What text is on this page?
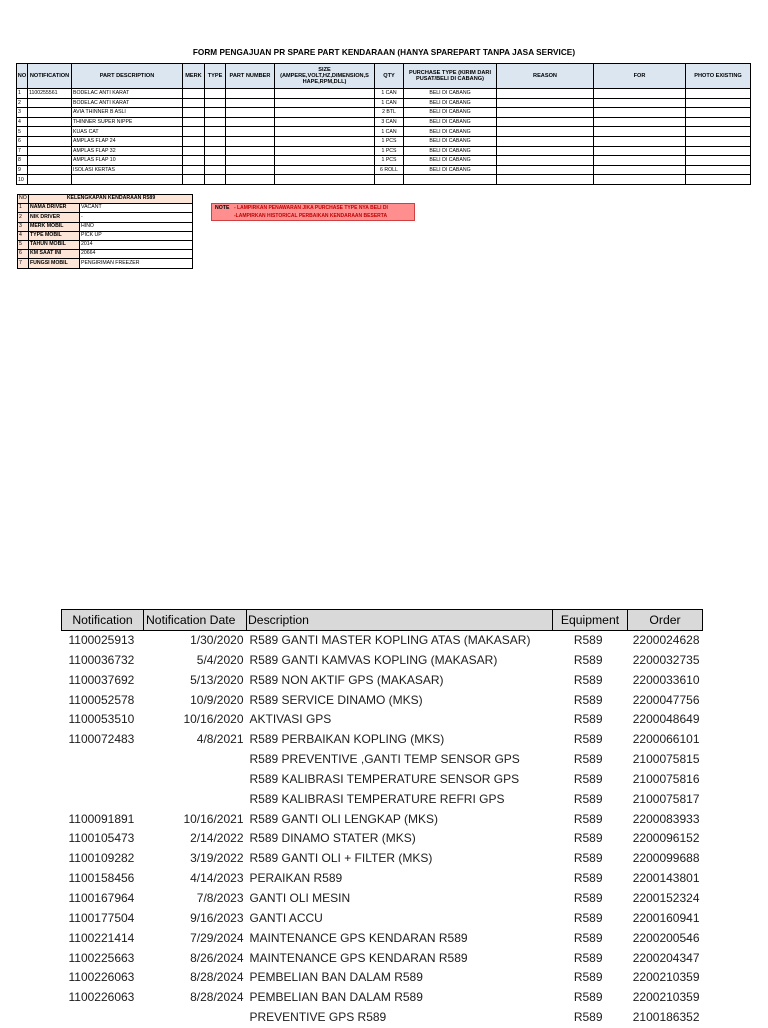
FORM PENGAJUAN PR SPARE PART KENDARAAN (HANYA SPAREPART TANPA JASA SERVICE)
NO	NOTIFICATION	PART DESCRIPTION	MERK	TYPE	PART NUMBER	SIZE (AMPERE,VOLT,HZ,DIMENSION,S HAPE,RPM,DLL)	QTY	PURCHASE TYPE (KIRIM DARI PUSAT/BELI DI CABANG)	REASON	FOR	PHOTO EXISTING
1	1100255561	BODELAC ANTI KARAT					1 CAN	BELI DI CABANG			
2		BODELAC ANTI KARAT					1 CAN	BELI DI CABANG			
3		AVIA THINNER B ASLI					2 BTL	BELI DI CABANG			
4		THINNER SUPER NIPPE					3 CAN	BELI DI CABANG			
5		KUAS CAT					1 CAN	BELI DI CABANG			
6		AMPLAS FLAP 24					1 PCS	BELI DI CABANG			
7		AMPLAS FLAP 32					1 PCS	BELI DI CABANG			
8		AMPLAS FLAP 10					1 PCS	BELI DI CABANG			
9		ISOLASI KERTAS					6 ROLL	BELI DI CABANG			
10											
NO	KELENGKAPAN KENDARAAN R589	
1	NAMA DRIVER	VACANT
2	NIK DRIVER	-
3	MERK MOBIL	HINO
4	TYPE MOBIL	PICK UP
5	TAHUN MOBIL	2014
6	KM SAAT INI	20664
7	FUNGSI MOBIL	PENGIRIMAN FREEZER
NOTE - LAMPIRKAN PENAWARAN JIKA PURCHASE TYPE NYA BELI DI
-LAMPIRKAN HISTORICAL PERBAIKAN KENDARAAN BESERTA
Notification	Notification Date	Description	Equipment	Order
1100025913	1/30/2020	R589 GANTI MASTER KOPLING ATAS (MAKASAR)	R589	2200024628
1100036732	5/4/2020	R589 GANTI KAMVAS KOPLING (MAKASAR)	R589	2200032735
1100037692	5/13/2020	R589 NON AKTIF GPS (MAKASAR)	R589	2200033610
1100052578	10/9/2020	R589 SERVICE DINAMO (MKS)	R589	2200047756
1100053510	10/16/2020	AKTIVASI GPS	R589	2200048649
1100072483	4/8/2021	R589 PERBAIKAN KOPLING (MKS)	R589	2200066101
		R589 PREVENTIVE ,GANTI TEMP SENSOR GPS	R589	2100075815
		R589 KALIBRASI TEMPERATURE SENSOR GPS	R589	2100075816
		R589 KALIBRASI TEMPERATURE REFRI GPS	R589	2100075817
1100091891	10/16/2021	R589 GANTI OLI LENGKAP (MKS)	R589	2200083933
1100105473	2/14/2022	R589 DINAMO STATER (MKS)	R589	2200096152
1100109282	3/19/2022	R589 GANTI OLI + FILTER (MKS)	R589	2200099688
1100158456	4/14/2023	PERAIKAN R589	R589	2200143801
1100167964	7/8/2023	GANTI OLI MESIN	R589	2200152324
1100177504	9/16/2023	GANTI ACCU	R589	2200160941
1100221414	7/29/2024	MAINTENANCE GPS KENDARAN R589	R589	2200200546
1100225663	8/26/2024	MAINTENANCE GPS KENDARAN R589	R589	2200204347
1100226063	8/28/2024	PEMBELIAN BAN DALAM R589	R589	2200210359
1100226063	8/28/2024	PEMBELIAN BAN DALAM R589	R589	2200210359
		PREVENTIVE GPS R589	R589	2100186352
